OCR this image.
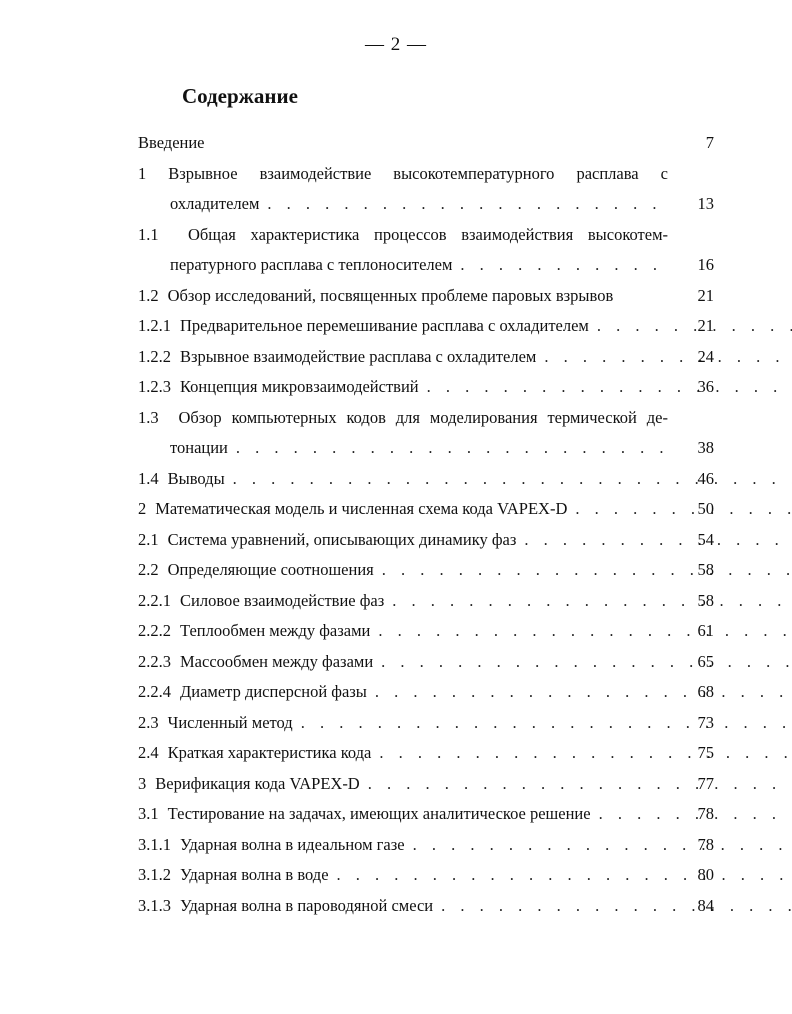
— 2 —
Содержание
Введение	7
1 Взрывное взаимодействие высокотемпературного расплава с
охладителем . . .	13
1.1 Общая характеристика процессов взаимодействия высокотем-
пературного расплава с теплоносителем . . .	16
1.2 Обзор исследований, посвященных проблеме паровых взрывов	21
1.2.1 Предварительное перемешивание расплава с охладителем . . .	21
1.2.2 Взрывное взаимодействие расплава с охладителем . . .	24
1.2.3 Концепция микровзаимодействий . . .	36
1.3 Обзор компьютерных кодов для моделирования термической де-
тонации . . .	38
1.4 Выводы . . .	46
2 Математическая модель и численная схема кода VAPEX-D . . .	50
2.1 Система уравнений, описывающих динамику фаз . . .	54
2.2 Определяющие соотношения . . .	58
2.2.1 Силовое взаимодействие фаз . . .	58
2.2.2 Теплообмен между фазами . . .	61
2.2.3 Массообмен между фазами . . .	65
2.2.4 Диаметр дисперсной фазы . . .	68
2.3 Численный метод . . .	73
2.4 Краткая характеристика кода . . .	75
3 Верификация кода VAPEX-D . . .	77
3.1 Тестирование на задачах, имеющих аналитическое решение . . .	78
3.1.1 Ударная волна в идеальном газе . . .	78
3.1.2 Ударная волна в воде . . .	80
3.1.3 Ударная волна в пароводяной смеси . . .	84
